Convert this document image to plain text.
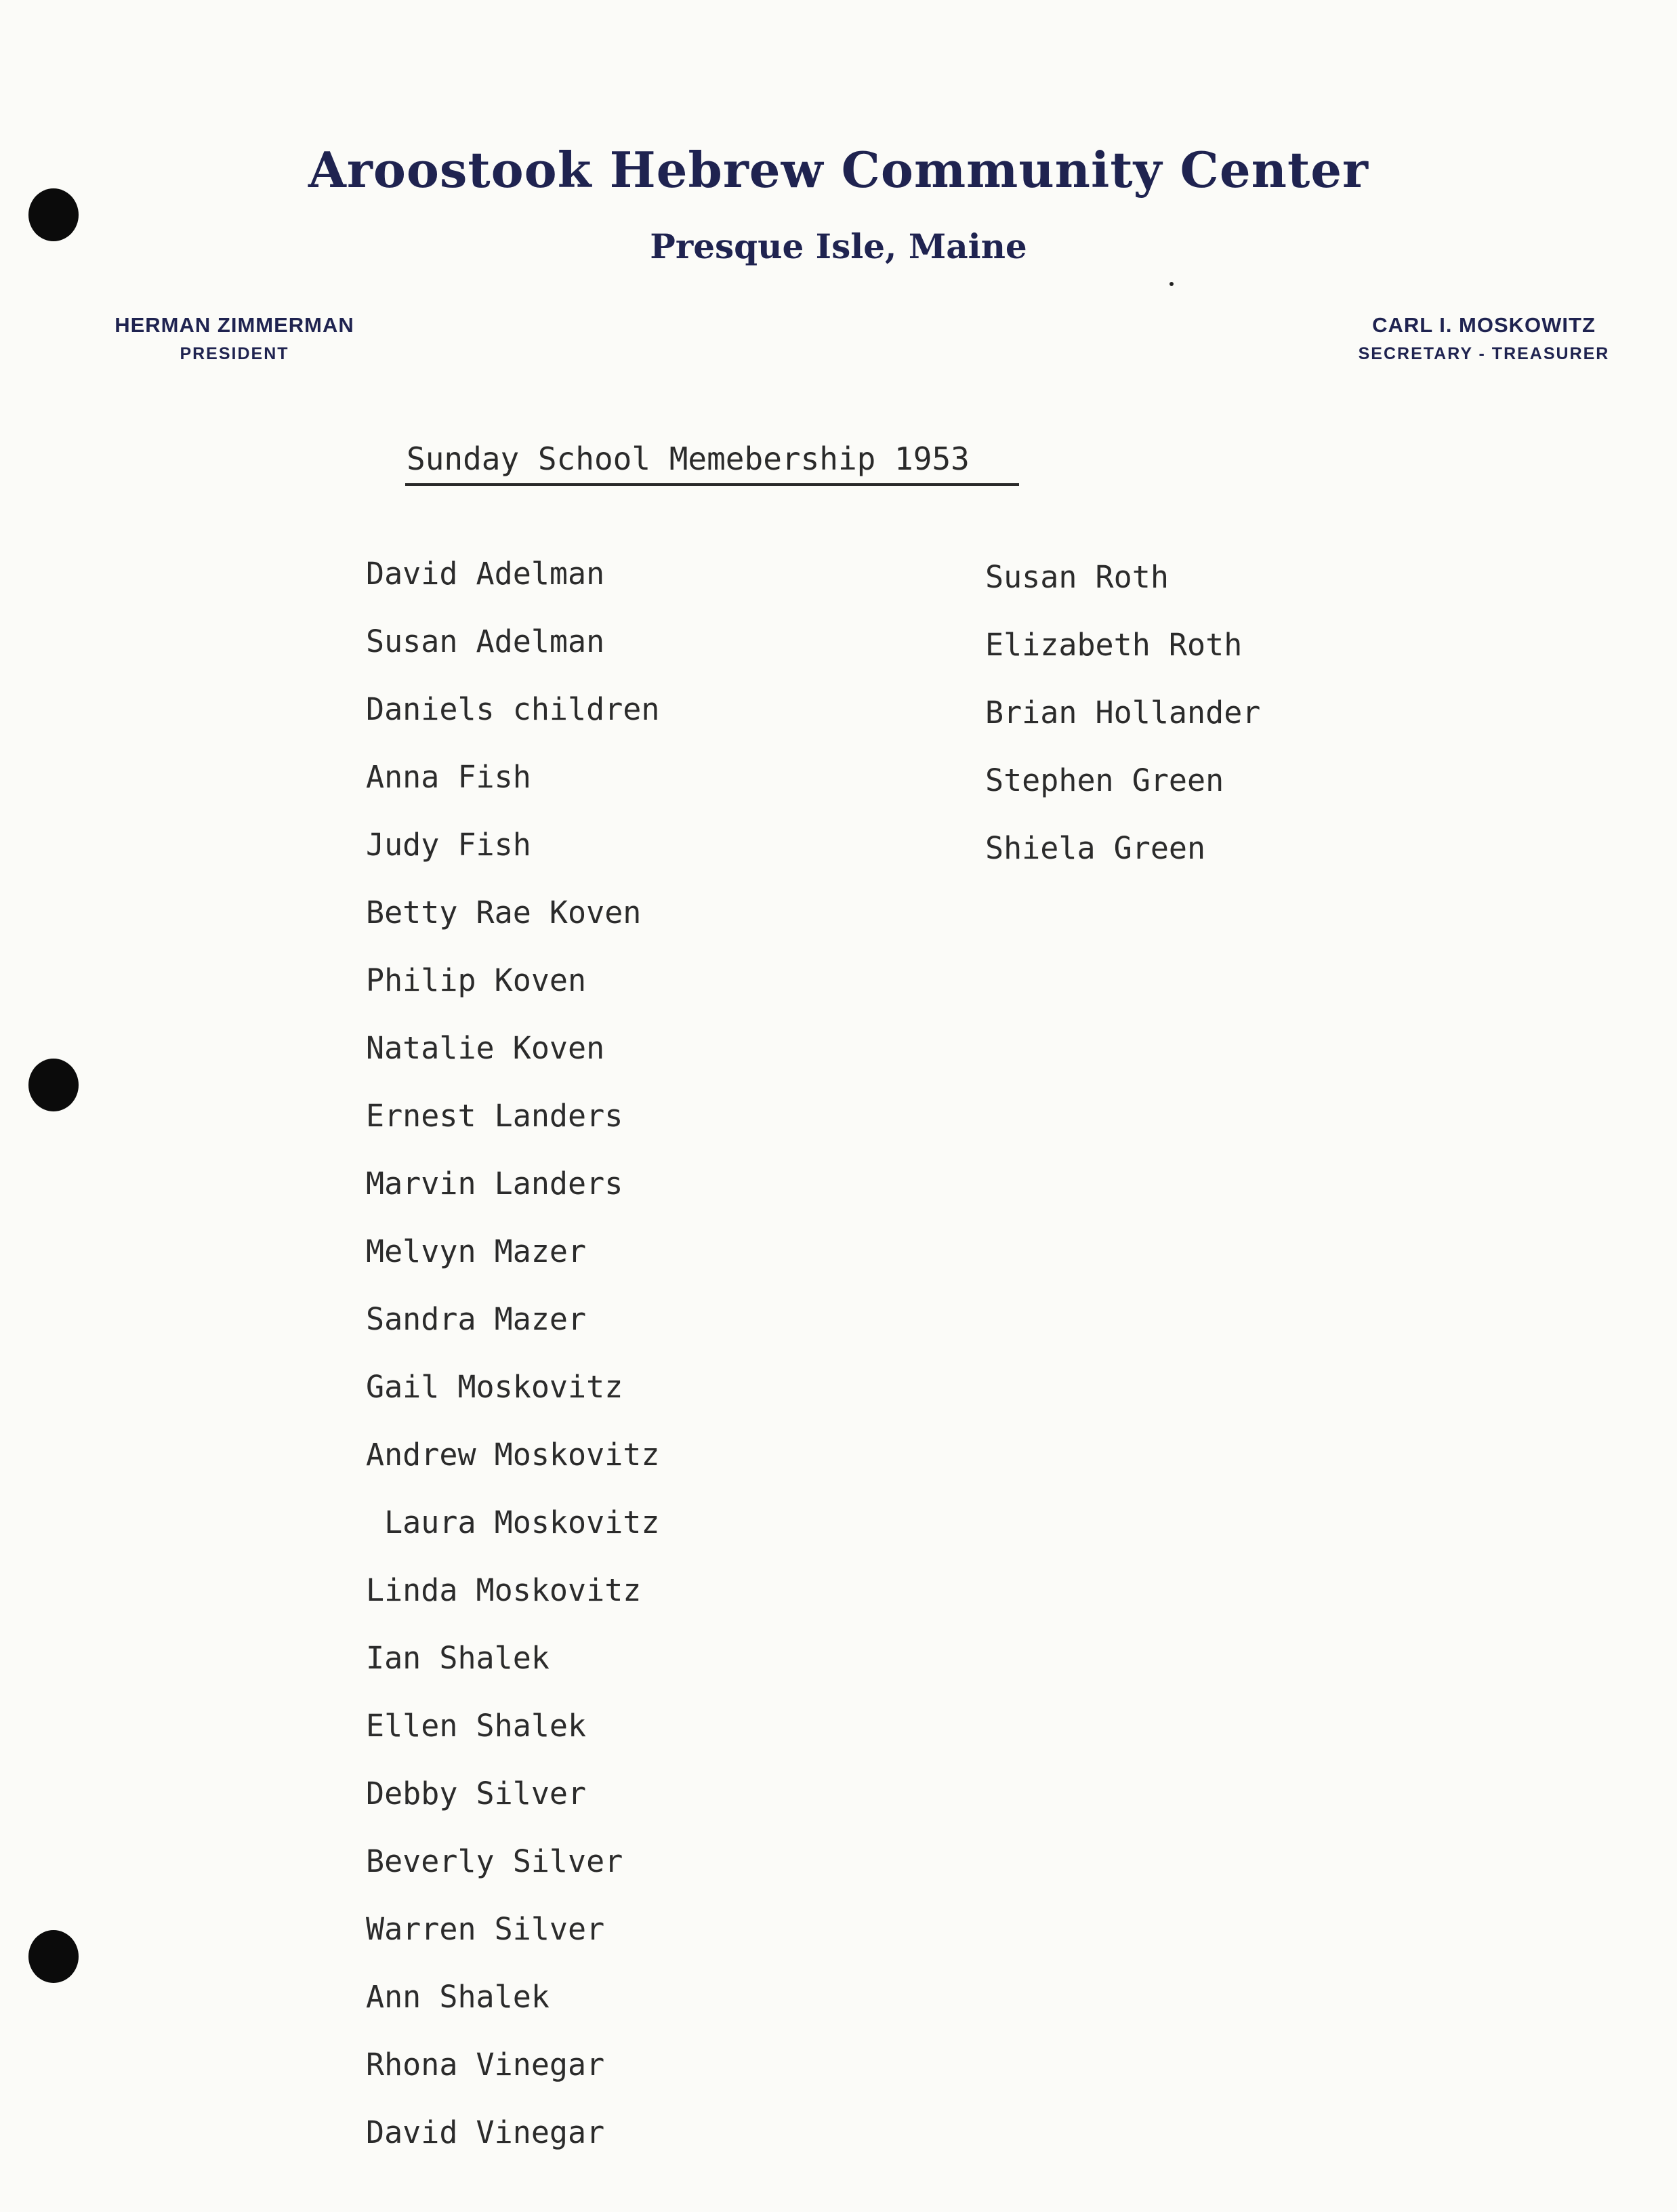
Aroostook Hebrew Community Center
Presque Isle, Maine
HERMAN ZIMMERMAN
PRESIDENT
CARL I. MOSKOWITZ
SECRETARY - TREASURER
Sunday School Memebership 1953
David Adelman
Susan Adelman
Daniels children
Anna Fish
Judy Fish
Betty Rae Koven
Philip Koven
Natalie Koven
Ernest Landers
Marvin Landers
Melvyn Mazer
Sandra Mazer
Gail Moskovitz
Andrew Moskovitz
Laura Moskovitz
Linda Moskovitz
Ian Shalek
Ellen Shalek
Debby Silver
Beverly Silver
Warren Silver
Ann Shalek
Rhona Vinegar
David Vinegar
Susan Roth
Elizabeth Roth
Brian Hollander
Stephen Green
Shiela Green
